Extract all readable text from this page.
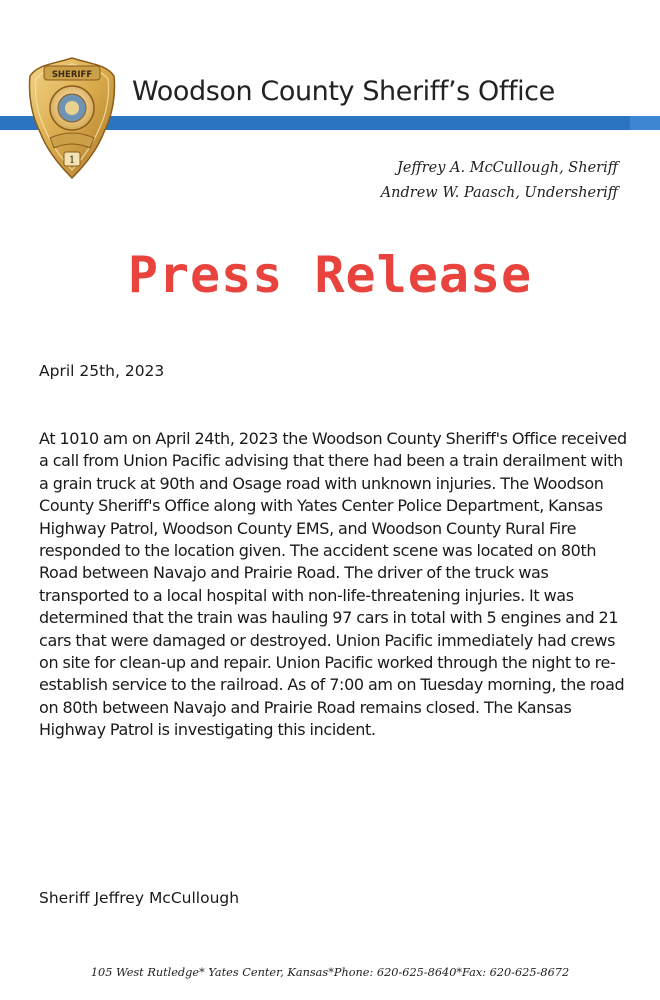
SHERIFF
1
Woodson County Sheriff’s Office
Jeffrey A. McCullough, Sheriff
Andrew W. Paasch, Undersheriff
Press Release
April 25th, 2023
At 1010 am on April 24th, 2023 the Woodson County Sheriff's Office received a call from Union Pacific advising that there had been a train derailment with a grain truck at 90th and Osage road with unknown injuries. The Woodson County Sheriff's Office along with Yates Center Police Department, Kansas Highway Patrol, Woodson County EMS, and Woodson County Rural Fire responded to the location given. The accident scene was located on 80th Road between Navajo and Prairie Road. The driver of the truck was transported to a local hospital with non-life-threatening injuries. It was determined that the train was hauling 97 cars in total with 5 engines and 21 cars that were damaged or destroyed. Union Pacific immediately had crews on site for clean-up and repair. Union Pacific worked through the night to re-establish service to the railroad. As of 7:00 am on Tuesday morning, the road on 80th between Navajo and Prairie Road remains closed. The Kansas Highway Patrol is investigating this incident.
Sheriff Jeffrey McCullough
105 West Rutledge* Yates Center, Kansas*Phone: 620-625-8640*Fax: 620-625-8672
